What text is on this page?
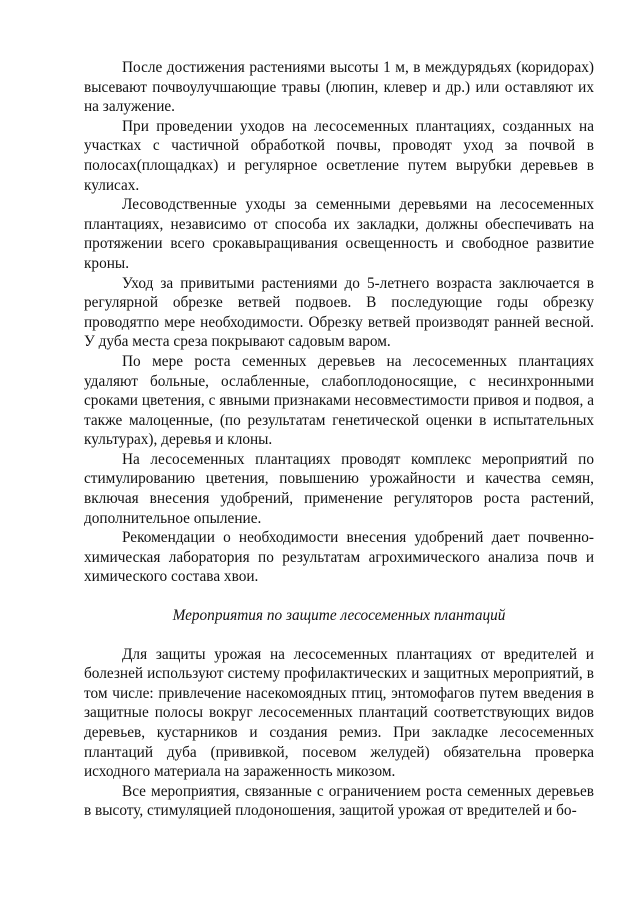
После достижения растениями высоты 1 м, в междурядьях (коридорах) высевают почвоулучшающие травы (люпин, клевер и др.) или оставляют их на залужение.

При проведении уходов на лесосеменных плантациях, созданных на участках с частичной обработкой почвы, проводят уход за почвой в полосах(площадках) и регулярное осветление путем вырубки деревьев в кулисах.

Лесоводственные уходы за семенными деревьями на лесосеменных плантациях, независимо от способа их закладки, должны обеспечивать на протяжении всего срокавыращивания освещенность и свободное развитие кроны.

Уход за привитыми растениями до 5-летнего возраста заключается в регулярной обрезке ветвей подвоев. В последующие годы обрезку проводятпо мере необходимости. Обрезку ветвей производят ранней весной. У дуба места среза покрывают садовым варом.

По мере роста семенных деревьев на лесосеменных плантациях удаляют больные, ослабленные, слабоплодоносящие, с несинхронными сроками цветения, с явными признаками несовместимости привоя и подвоя, а также малоценные, (по результатам генетической оценки в испытательных культурах), деревья и клоны.

На лесосеменных плантациях проводят комплекс мероприятий по стимулированию цветения, повышению урожайности и качества семян, включая внесения удобрений, применение регуляторов роста растений, дополнительное опыление.

Рекомендации о необходимости внесения удобрений дает почвенно-химическая лаборатория по результатам агрохимического анализа почв и химического состава хвои.

Мероприятия по защите лесосеменных плантаций

Для защиты урожая на лесосеменных плантациях от вредителей и болезней используют систему профилактических и защитных мероприятий, в том числе: привлечение насекомоядных птиц, энтомофагов путем введения в защитные полосы вокруг лесосеменных плантаций соответствующих видов деревьев, кустарников и создания ремиз. При закладке лесосеменных плантаций дуба (прививкой, посевом желудей) обязательна проверка исходного материала на зараженность микозом.

Все мероприятия, связанные с ограничением роста семенных деревьев в высоту, стимуляцией плодоношения, защитой урожая от вредителей и бо-
